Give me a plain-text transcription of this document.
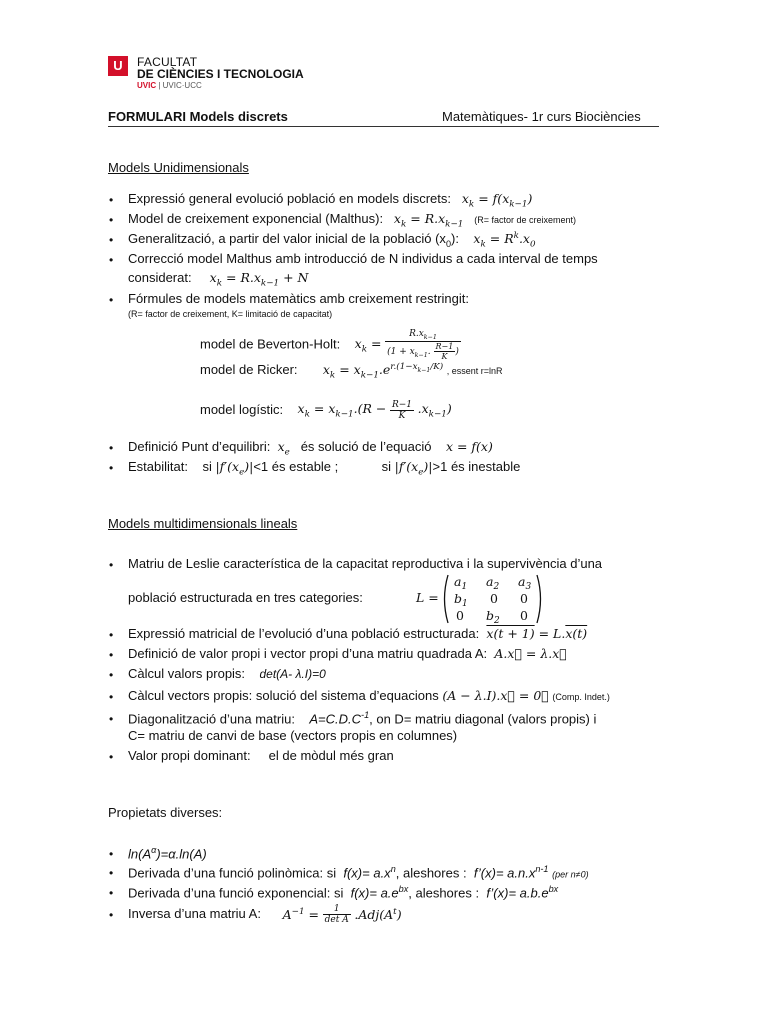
U	FACULTAT
DE CIÈNCIES I TECNOLOGIA
UVIC | UVIC·UCC
FORMULARI Models discrets	Matemàtiques- 1r curs Biociències
Models Unidimensionals
• Expressió general evolució població en models discrets: $x_k = f(x_{k-1})$
• Model de creixement exponencial (Malthus): $x_k = R.x_{k-1}$ (R= factor de creixement)
• Generalització, a partir del valor inicial de la població $(x_0)$: $x_k = R^k.x_0$
• Correcció model Malthus amb introducció de N individus a cada interval de temps
considerat: $x_k = R.x_{k-1} + N$
• Fórmules de models matemàtics amb creixement restringit:
(R= factor de creixement, K= limitació de capacitat)
model de Beverton-Holt: $x_k = \frac{R.x_{k-1}}{(1 + x_{k-1}. \frac{R-1}{K} )}$
model de Ricker: $x_k = x_{k-1}.e^{r.(1-x_{k-1}/K)}$ , essent r=lnR
model logístic: $x_k = x_{k-1}.(R - \frac{R-1}{K} .x_{k-1})$
• Definició Punt d’equilibri: $x_e$ és solució de l’equació x = f(x)
• Estabilitat: si $|f'(x_e)|<1$ és estable ;	si $|f'(x_e)|>1$ és inestable
Models multidimensionals lineals
• Matriu de Leslie característica de la capacitat reproductiva i la supervivència d’una
població estructurada en tres categories:	L =
$a_1$ $a_2$ $a_3$
$b_1$ 0 0
0 $b_2$ 0
• Expressió matricial de l’evolució d’una població estructurada: x(t + 1) = L.x(t)
• Definició de valor propi i vector propi d’una matriu quadrada A: A.x⃗ = λ.x⃗
• Càlcul valors propis: det(A- λ.I)=0
• Càlcul vectors propis: solució del sistema d’equacions (A − λ.I).x⃗ = 0⃗ (Comp. Indet.)
• Diagonalització d’una matriu: $A=C.D.C^{-1}$, on D= matriu diagonal (valors propis) i
C= matriu de canvi de base (vectors propis en columnes)
• Valor propi dominant: el de mòdul més gran
Propietats diverses:
• $\ln(A^\alpha)=\alpha.\ln(A)$
• Derivada d’una funció polinòmica: si $f(x)= a.x^n$, aleshores : f’(x)= $a.n.x^{n-1}$ (per n≠0)
• Derivada d’una funció exponencial: si $f(x)= a.e^{bx}$, aleshores : f’(x)= $a.b.e^{bx}$
• Inversa d’una matriu A: $A^{-1} = \frac{1}{\text{det A}} .Adj(A^t)$
